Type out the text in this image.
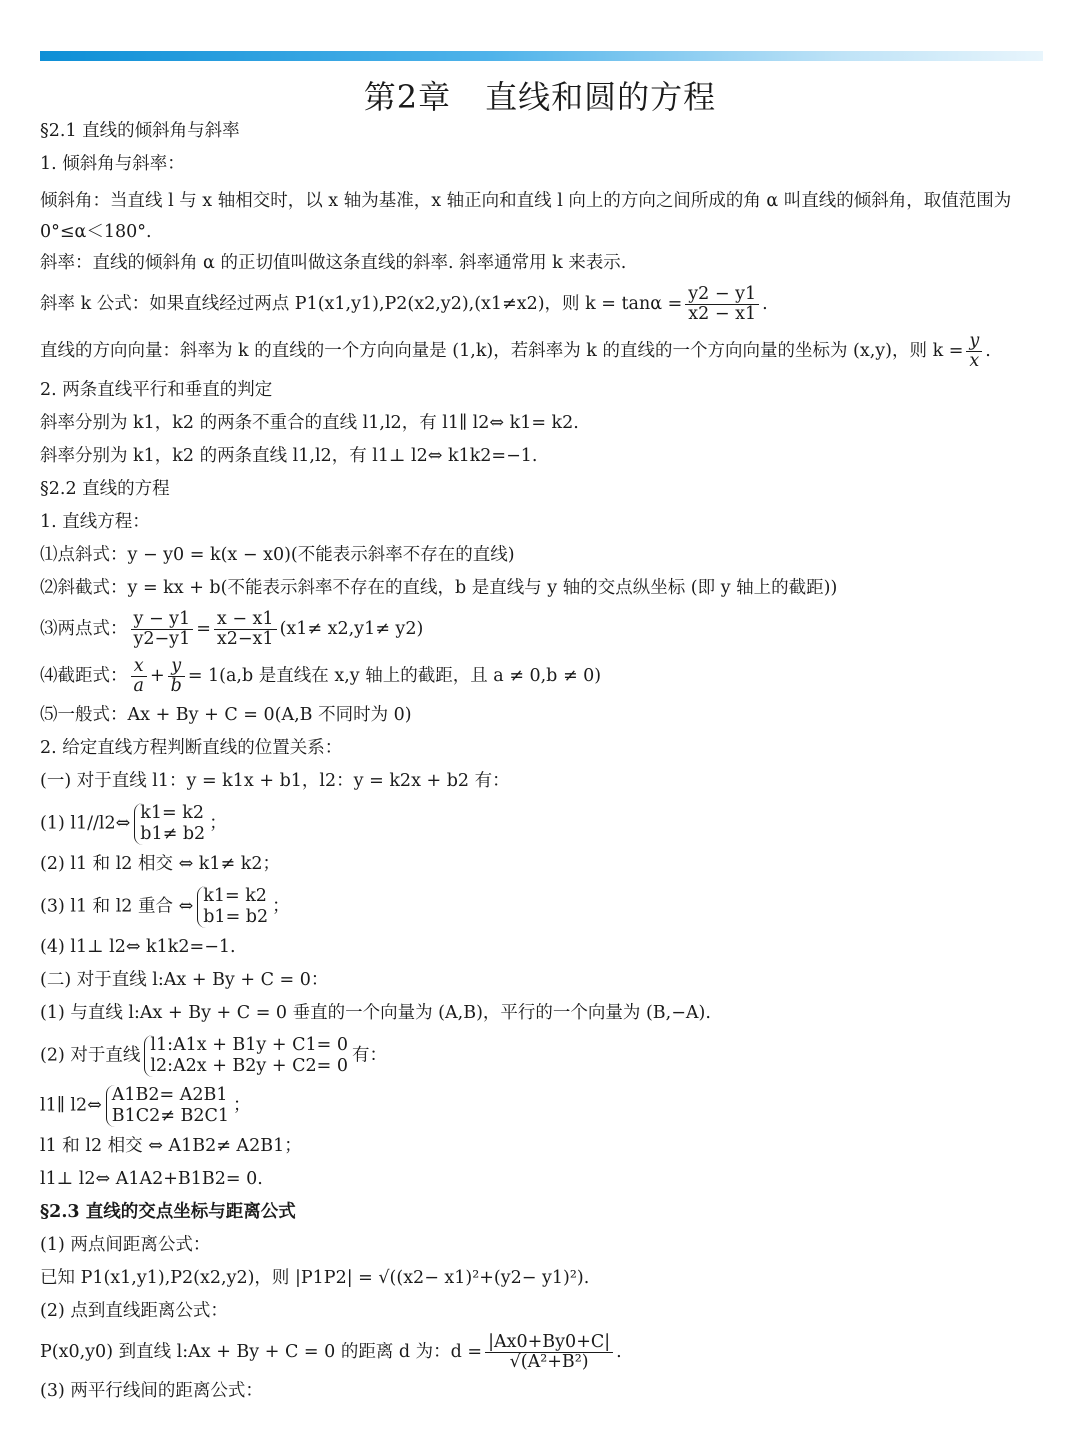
第2章 直线和圆的方程
§2.1 直线的倾斜角与斜率
1. 倾斜角与斜率：
倾斜角：当直线 l 与 x 轴相交时，以 x 轴为基准，x 轴正向和直线 l 向上的方向之间所成的角 α 叫直线的倾斜角，取值范围为 0°≤α＜180°.
斜率：直线的倾斜角 α 的正切值叫做这条直线的斜率. 斜率通常用 k 来表示.
斜率 k 公式：如果直线经过两点 P1(x1,y1),P2(x2,y2),(x1≠x2)，则 $k = \tan\alpha = \frac{y2 - y1}{x2 - x1}$ .
直线的方向向量：斜率为 k 的直线的一个方向向量是 (1,k)，若斜率为 k 的直线的一个方向向量的坐标为 (x,y)，则 $k = \frac{y}{x}$ .
2. 两条直线平行和垂直的判定
斜率分别为 k1，k2 的两条不重合的直线 l1,l2，有 l1∥ l2⇔ k1= k2.
斜率分别为 k1，k2 的两条直线 l1,l2，有 l1⊥ l2⇔ k1k2=−1.
§2.2 直线的方程
1. 直线方程：
⑴点斜式：y − y0 = k(x − x0)(不能表示斜率不存在的直线)
⑵斜截式：y = kx + b(不能表示斜率不存在的直线，b 是直线与 y 轴的交点纵坐标 (即 y 轴上的截距))
⑶两点式： $\frac{y - y1}{y2-y1} = \frac{x - x1}{x2-x1} (x1\ne x2,y1\ne y2)$
⑷截距式： $\frac{x}{a} + \frac{y}{b} = 1(a,b$ 是直线在 x,y 轴上的截距，且 a ≠ 0,b ≠ 0)
⑸一般式：Ax + By + C = 0(A,B 不同时为 0)
2. 给定直线方程判断直线的位置关系：
(一) 对于直线 l1：y = k1x + b1，l2：y = k2x + b2 有：
(1) l1//l2⇔
k1= k2
b1≠ b2
；
(2) l1 和 l2 相交 ⇔ k1≠ k2；
(3) l1 和 l2 重合 ⇔
k1= k2
b1= b2
；
(4) l1⊥ l2⇔ k1k2=−1.
(二) 对于直线 l:Ax + By + C = 0：
(1) 与直线 l:Ax + By + C = 0 垂直的一个向量为 (A,B)，平行的一个向量为 (B,−A).
(2) 对于直线
l1:A1x + B1y + C1= 0
l2:A2x + B2y + C2= 0
有：
l1∥ l2⇔
A1B2= A2B1
B1C2≠ B2C1
；
l1 和 l2 相交 ⇔ A1B2≠ A2B1；
l1⊥ l2⇔ A1A2+B1B2= 0.
§2.3 直线的交点坐标与距离公式
(1) 两点间距离公式：
已知 P1(x1,y1),P2(x2,y2)，则 |P1P2| = √((x2− x1)²+(y2− y1)²).
(2) 点到直线距离公式：
P(x0,y0) 到直线 l:Ax + By + C = 0 的距离 d 为：$d = \frac{|Ax0+By0+C|}{\text{√(A²+B²)}}$ .
(3) 两平行线间的距离公式：
